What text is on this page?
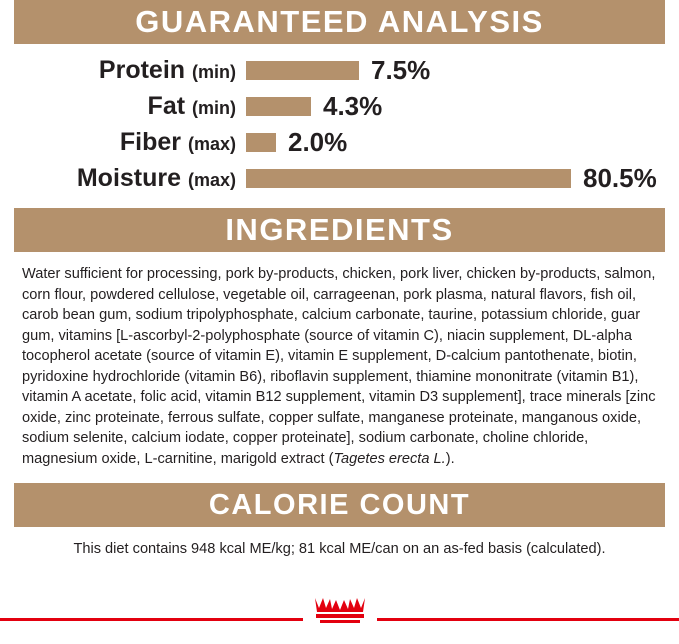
GUARANTEED ANALYSIS
Protein (min)	7.5%
Fat (min)	4.3%
Fiber (max)	2.0%
Moisture (max)	80.5%
INGREDIENTS
Water sufficient for processing, pork by-products, chicken, pork liver, chicken by-products, salmon, corn flour, powdered cellulose, vegetable oil, carrageenan, pork plasma, natural flavors, fish oil, carob bean gum, sodium tripolyphosphate, calcium carbonate, taurine, potassium chloride, guar gum, vitamins [L-ascorbyl-2-polyphosphate (source of vitamin C), niacin supplement, DL-alpha tocopherol acetate (source of vitamin E), vitamin E supplement, D-calcium pantothenate, biotin, pyridoxine hydrochloride (vitamin B6), riboflavin supplement, thiamine mononitrate (vitamin B1), vitamin A acetate, folic acid, vitamin B12 supplement, vitamin D3 supplement], trace minerals [zinc oxide, zinc proteinate, ferrous sulfate, copper sulfate, manganese proteinate, manganous oxide, sodium selenite, calcium iodate, copper proteinate], sodium carbonate, choline chloride, magnesium oxide, L-carnitine, marigold extract (Tagetes erecta L.).
CALORIE COUNT
This diet contains 948 kcal ME/kg; 81 kcal ME/can on an as-fed basis (calculated).
